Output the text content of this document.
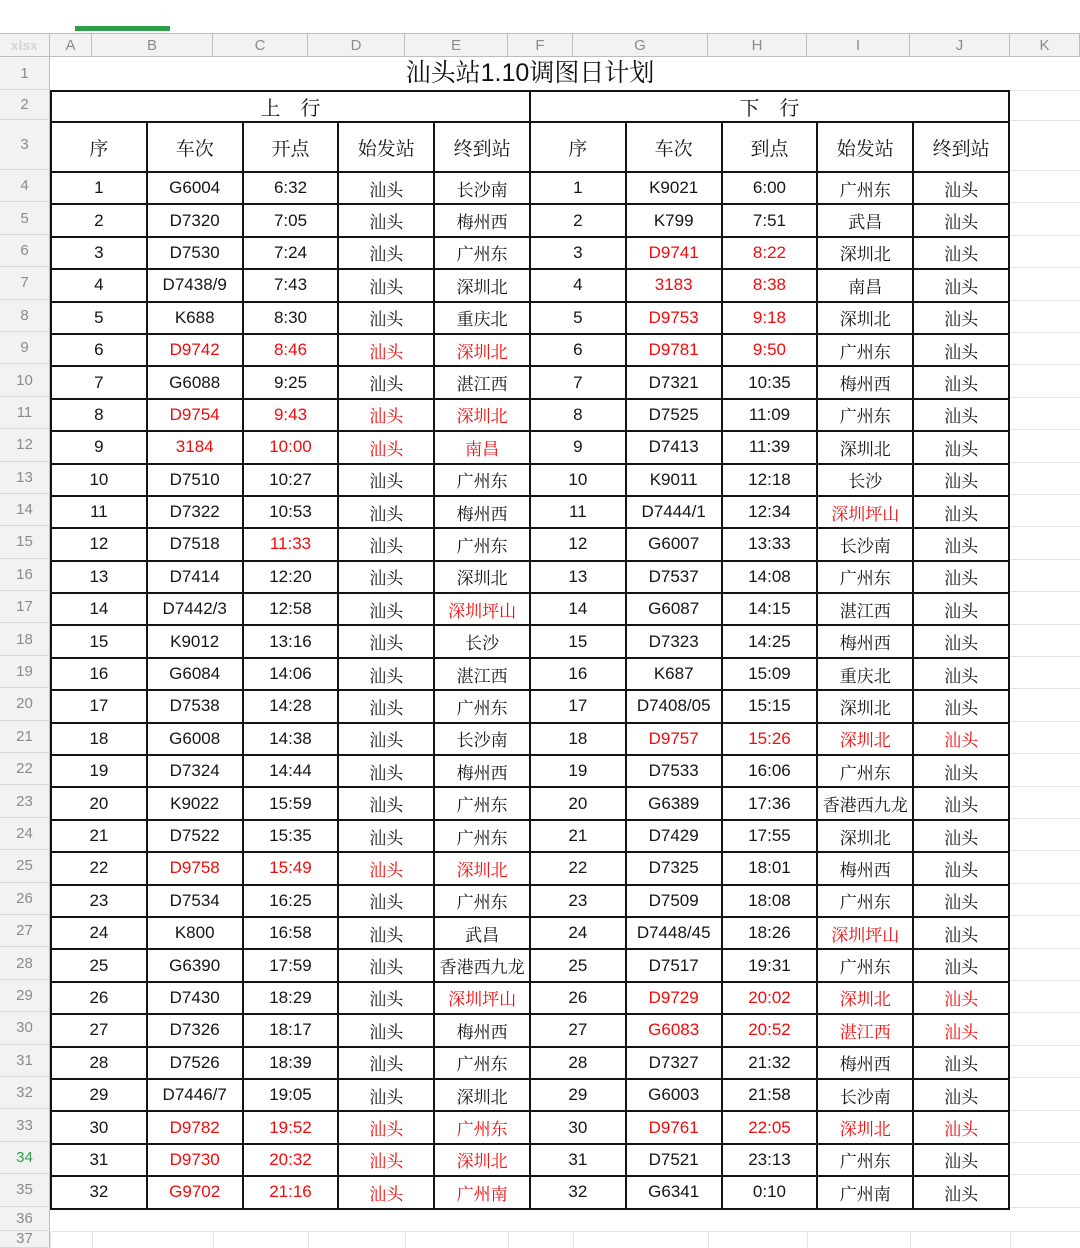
xlsx	A	B	C	D	E	F	G	H	I	J	K
1
2
3
4
5
6
7
8
9
10
11
12
13
14
15
16
17
18
19
20
21
22
23
24
25
26
27
28
29
30
31
32
33
34
35
36
37
汕头站1.10调图日计划
上　行					下　行				
序	车次	开点	始发站	终到站	序	车次	到点	始发站	终到站
1	G6004	6:32	汕头	长沙南	1	K9021	6:00	广州东	汕头
2	D7320	7:05	汕头	梅州西	2	K799	7:51	武昌	汕头
3	D7530	7:24	汕头	广州东	3	D9741	8:22	深圳北	汕头
4	D7438/9	7:43	汕头	深圳北	4	3183	8:38	南昌	汕头
5	K688	8:30	汕头	重庆北	5	D9753	9:18	深圳北	汕头
6	D9742	8:46	汕头	深圳北	6	D9781	9:50	广州东	汕头
7	G6088	9:25	汕头	湛江西	7	D7321	10:35	梅州西	汕头
8	D9754	9:43	汕头	深圳北	8	D7525	11:09	广州东	汕头
9	3184	10:00	汕头	南昌	9	D7413	11:39	深圳北	汕头
10	D7510	10:27	汕头	广州东	10	K9011	12:18	长沙	汕头
11	D7322	10:53	汕头	梅州西	11	D7444/1	12:34	深圳坪山	汕头
12	D7518	11:33	汕头	广州东	12	G6007	13:33	长沙南	汕头
13	D7414	12:20	汕头	深圳北	13	D7537	14:08	广州东	汕头
14	D7442/3	12:58	汕头	深圳坪山	14	G6087	14:15	湛江西	汕头
15	K9012	13:16	汕头	长沙	15	D7323	14:25	梅州西	汕头
16	G6084	14:06	汕头	湛江西	16	K687	15:09	重庆北	汕头
17	D7538	14:28	汕头	广州东	17	D7408/05	15:15	深圳北	汕头
18	G6008	14:38	汕头	长沙南	18	D9757	15:26	深圳北	汕头
19	D7324	14:44	汕头	梅州西	19	D7533	16:06	广州东	汕头
20	K9022	15:59	汕头	广州东	20	G6389	17:36	香港西九龙	汕头
21	D7522	15:35	汕头	广州东	21	D7429	17:55	深圳北	汕头
22	D9758	15:49	汕头	深圳北	22	D7325	18:01	梅州西	汕头
23	D7534	16:25	汕头	广州东	23	D7509	18:08	广州东	汕头
24	K800	16:58	汕头	武昌	24	D7448/45	18:26	深圳坪山	汕头
25	G6390	17:59	汕头	香港西九龙	25	D7517	19:31	广州东	汕头
26	D7430	18:29	汕头	深圳坪山	26	D9729	20:02	深圳北	汕头
27	D7326	18:17	汕头	梅州西	27	G6083	20:52	湛江西	汕头
28	D7526	18:39	汕头	广州东	28	D7327	21:32	梅州西	汕头
29	D7446/7	19:05	汕头	深圳北	29	G6003	21:58	长沙南	汕头
30	D9782	19:52	汕头	广州东	30	D9761	22:05	深圳北	汕头
31	D9730	20:32	汕头	深圳北	31	D7521	23:13	广州东	汕头
32	G9702	21:16	汕头	广州南	32	G6341	0:10	广州南	汕头
